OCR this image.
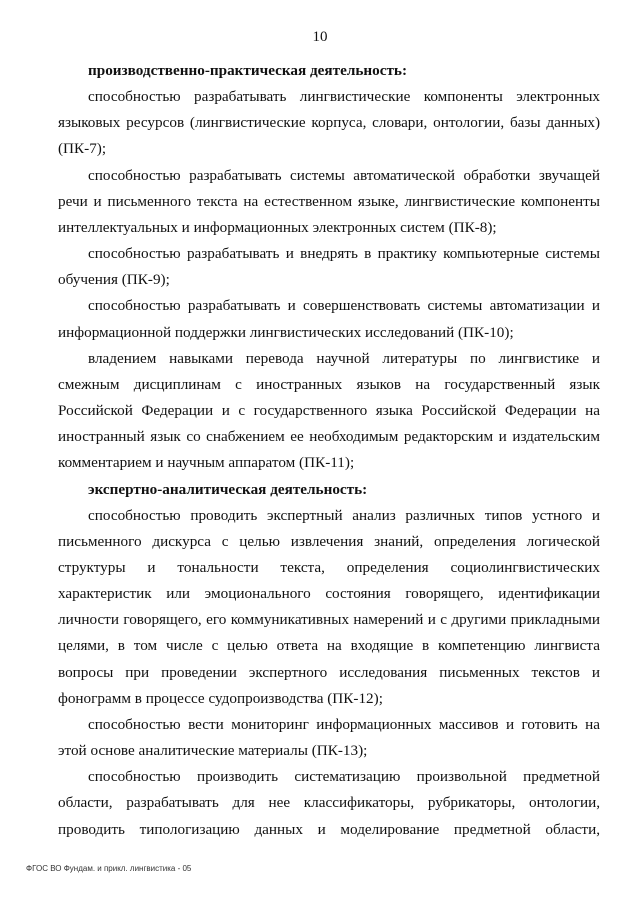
10

производственно-практическая деятельность:

способностью разрабатывать лингвистические компоненты электронных языковых ресурсов (лингвистические корпуса, словари, онтологии, базы данных) (ПК-7);

способностью разрабатывать системы автоматической обработки звучащей речи и письменного текста на естественном языке, лингвистические компоненты интеллектуальных и информационных электронных систем (ПК-8);

способностью разрабатывать и внедрять в практику компьютерные системы обучения (ПК-9);

способностью разрабатывать и совершенствовать системы автоматизации и информационной поддержки лингвистических исследований (ПК-10);

владением навыками перевода научной литературы по лингвистике и смежным дисциплинам с иностранных языков на государственный язык Российской Федерации и с государственного языка Российской Федерации на иностранный язык со снабжением ее необходимым редакторским и издательским комментарием и научным аппаратом (ПК-11);

экспертно-аналитическая деятельность:

способностью проводить экспертный анализ различных типов устного и письменного дискурса с целью извлечения знаний, определения логической структуры и тональности текста, определения социолингвистических характеристик или эмоционального состояния говорящего, идентификации личности говорящего, его коммуникативных намерений и с другими прикладными целями, в том числе с целью ответа на входящие в компетенцию лингвиста вопросы при проведении экспертного исследования письменных текстов и фонограмм в процессе судопроизводства (ПК-12);

способностью вести мониторинг информационных массивов и готовить на этой основе аналитические материалы (ПК-13);

способностью производить систематизацию произвольной предметной области, разрабатывать для нее классификаторы, рубрикаторы, онтологии, проводить типологизацию данных и моделирование предметной области,

ФГОС ВО Фундам. и прикл. лингвистика - 05
